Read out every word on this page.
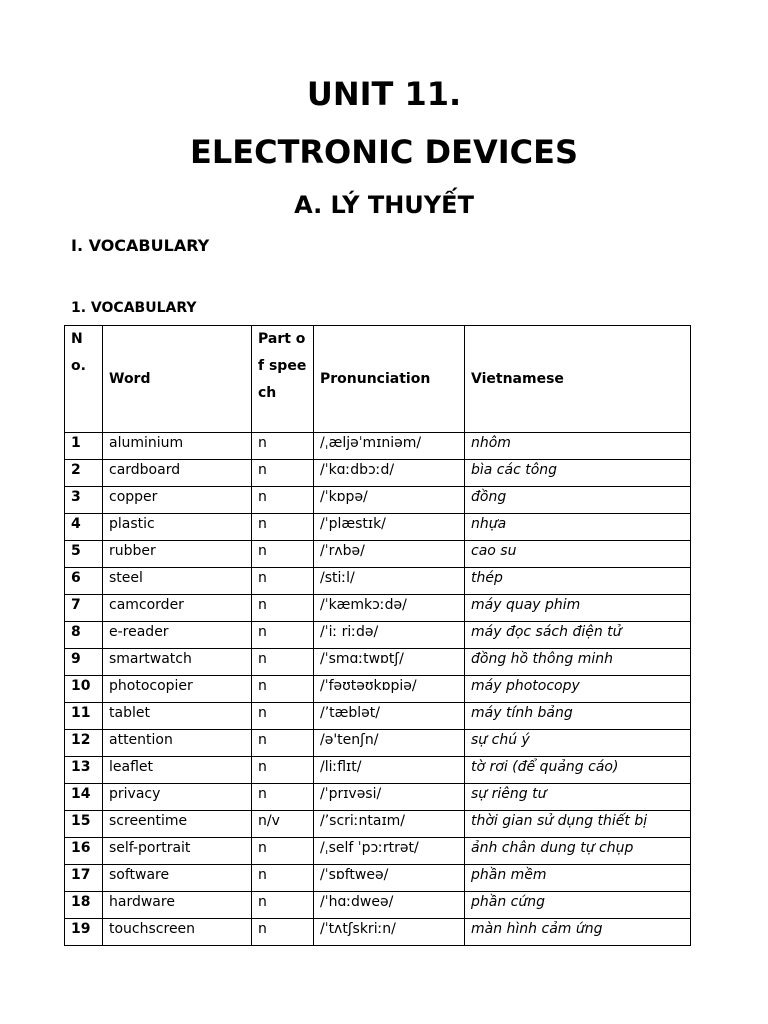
UNIT 11.
ELECTRONIC DEVICES
A. LÝ THUYẾT
I. VOCABULARY
1. VOCABULARY
No.	Word	Part of speech	Pronunciation	Vietnamese
1	aluminium	n	/ˌæljəˈmɪniəm/	nhôm
2	cardboard	n	/ˈkɑːdbɔːd/	bìa các tông
3	copper	n	/ˈkɒpə/	đồng
4	plastic	n	/ˈplæstɪk/	nhựa
5	rubber	n	/ˈrʌbə/	cao su
6	steel	n	/stiːl/	thép
7	camcorder	n	/ˈkæmkɔːdə/	máy quay phim
8	e-reader	n	/ˈiː riːdə/	máy đọc sách điện tử
9	smartwatch	n	/ˈsmɑːtwɒtʃ/	đồng hồ thông minh
10	photocopier	n	/ˈfəʊtəʊkɒpiə/	máy photocopy
11	tablet	n	/’tæblət/	máy tính bảng
12	attention	n	/ə'tenʃn/	sự chú ý
13	leaflet	n	/liːflɪt/	tờ rơi (để quảng cáo)
14	privacy	n	/ˈprɪvəsi/	sự riêng tư
15	screentime	n/v	/’scriːntaɪm/	thời gian sử dụng thiết bị
16	self-portrait	n	/ˌself ˈpɔːrtrət/	ảnh chân dung tự chụp
17	software	n	/ˈsɒftweə/	phần mềm
18	hardware	n	/ˈhɑːdweə/	phần cứng
19	touchscreen	n	/ˈtʌtʃskriːn/	màn hình cảm ứng
